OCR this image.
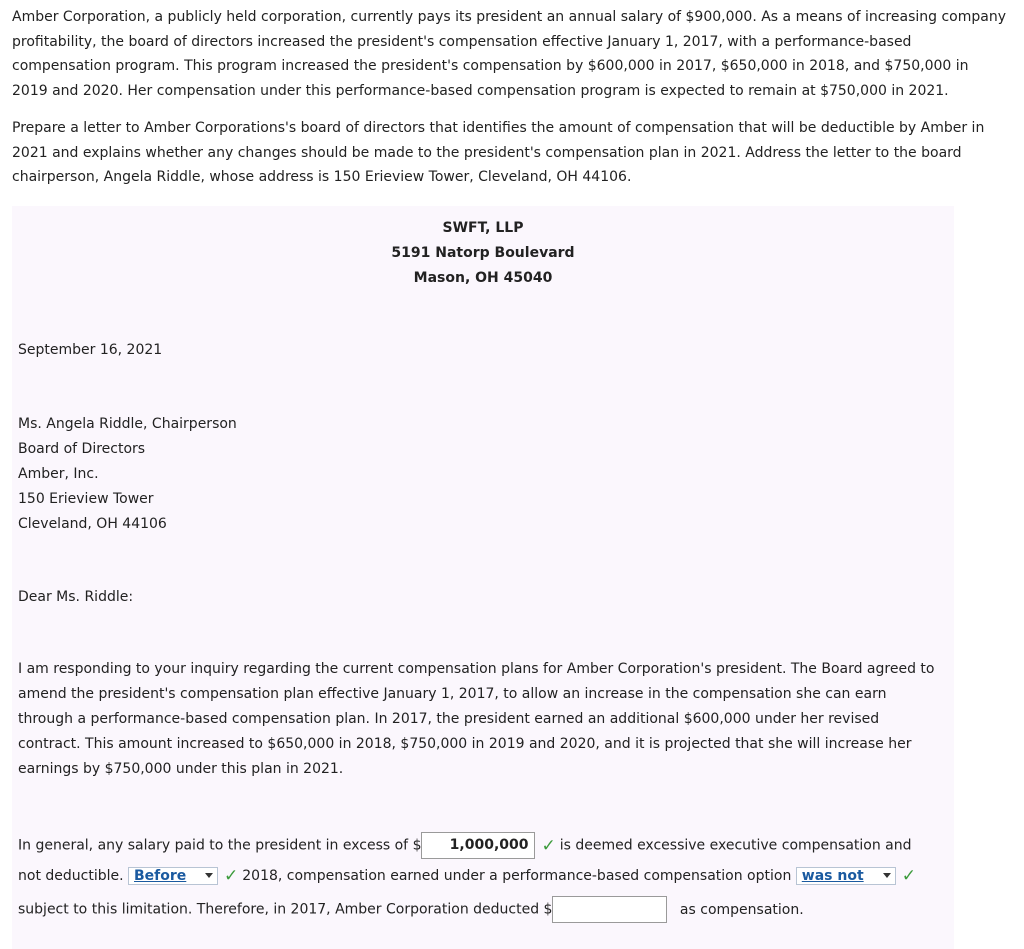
Amber Corporation, a publicly held corporation, currently pays its president an annual salary of $900,000. As a means of increasing company profitability, the board of directors increased the president's compensation effective January 1, 2017, with a performance-based compensation program. This program increased the president's compensation by $600,000 in 2017, $650,000 in 2018, and $750,000 in 2019 and 2020. Her compensation under this performance-based compensation program is expected to remain at $750,000 in 2021.

Prepare a letter to Amber Corporations's board of directors that identifies the amount of compensation that will be deductible by Amber in 2021 and explains whether any changes should be made to the president's compensation plan in 2021. Address the letter to the board chairperson, Angela Riddle, whose address is 150 Erieview Tower, Cleveland, OH 44106.

SWFT, LLP
5191 Natorp Boulevard
Mason, OH 45040
September 16, 2021
Ms. Angela Riddle, Chairperson
Board of Directors
Amber, Inc.
150 Erieview Tower
Cleveland, OH 44106
Dear Ms. Riddle:
I am responding to your inquiry regarding the current compensation plans for Amber Corporation's president. The Board agreed to amend the president's compensation plan effective January 1, 2017, to allow an increase in the compensation she can earn through a performance-based compensation plan. In 2017, the president earned an additional $600,000 under her revised contract. This amount increased to $650,000 in 2018, $750,000 in 2019 and 2020, and it is projected that she will increase her earnings by $750,000 under this plan in 2021.
In general, any salary paid to the president in excess of $ 1,000,000 ✓ is deemed excessive executive compensation and
not deductible. Before ✓ 2018, compensation earned under a performance-based compensation option was not ✓
subject to this limitation. Therefore, in 2017, Amber Corporation deducted $	as compensation.
